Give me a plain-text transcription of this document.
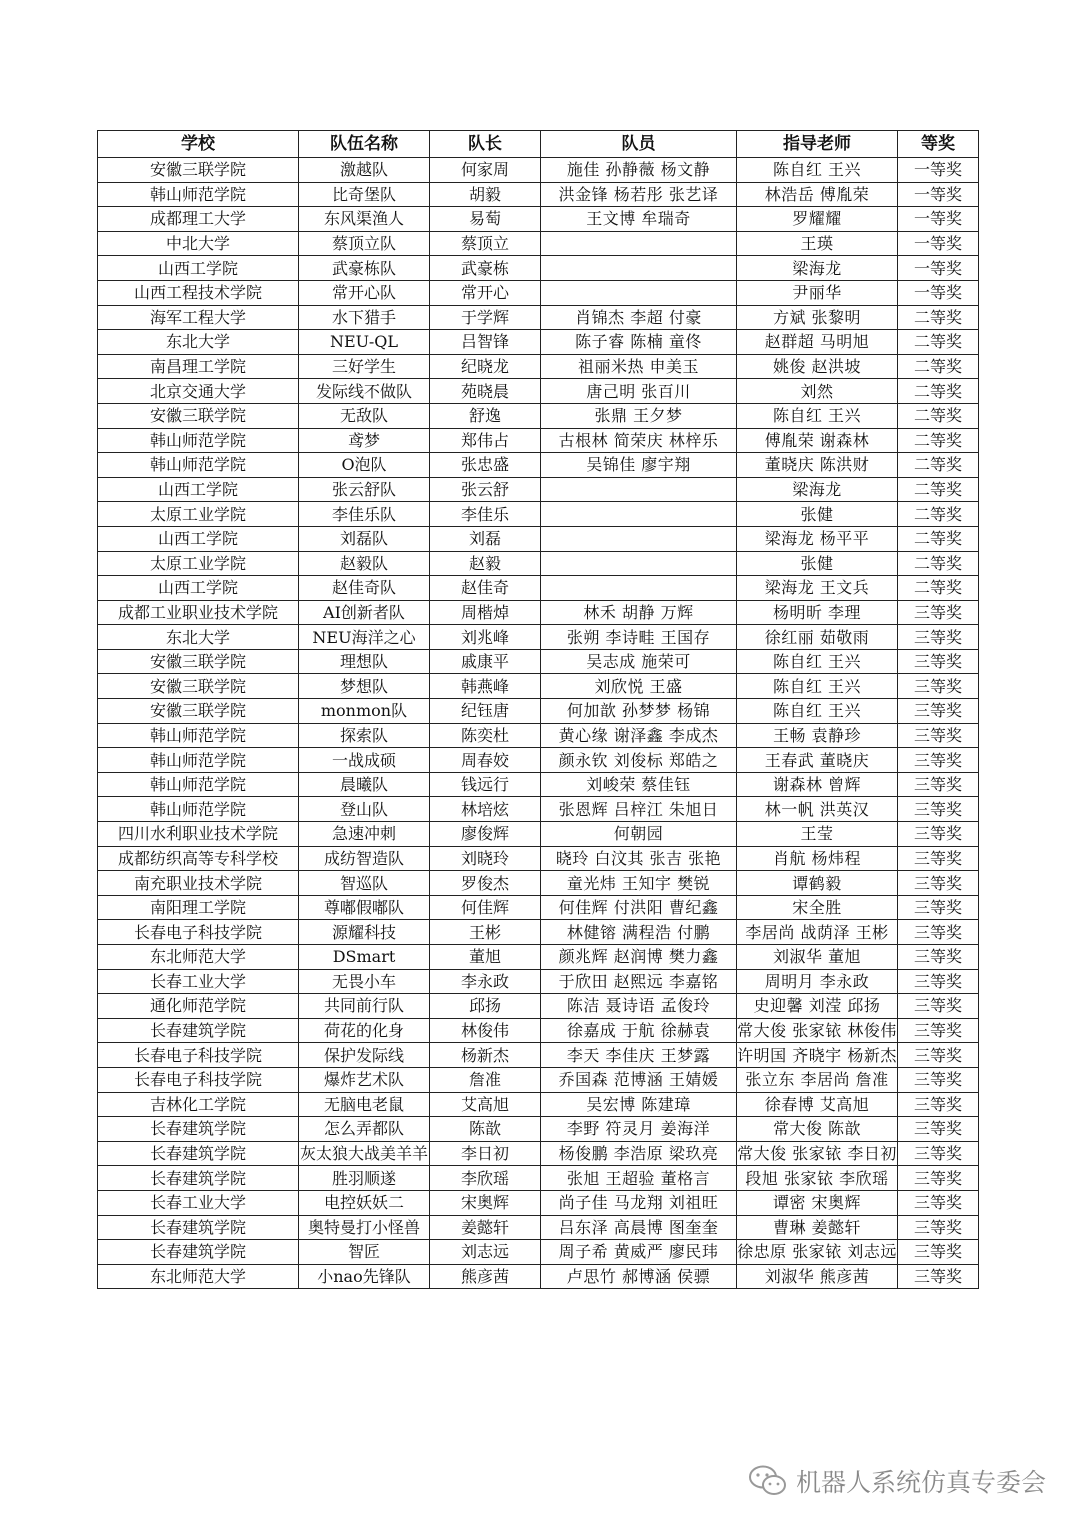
学校	队伍名称	队长	队员	指导老师	等奖
安徽三联学院	激越队	何家周	施佳 孙静薇 杨文静	陈自红 王兴	一等奖
韩山师范学院	比奇堡队	胡毅	洪金锋 杨若彤 张艺译	林浩岳 傅胤荣	一等奖
成都理工大学	东风渠渔人	易萄	王文博 牟瑞奇	罗耀耀	一等奖
中北大学	蔡顶立队	蔡顶立		王瑛	一等奖
山西工学院	武豪栋队	武豪栋		梁海龙	一等奖
山西工程技术学院	常开心队	常开心		尹丽华	一等奖
海军工程大学	水下猎手	于学辉	肖锦杰 李超 付豪	方斌 张黎明	二等奖
东北大学	NEU-QL	吕智锋	陈子睿 陈楠 童佟	赵群超 马明旭	二等奖
南昌理工学院	三好学生	纪晓龙	祖丽米热 申美玉	姚俊 赵洪坡	二等奖
北京交通大学	发际线不做队	苑晓晨	唐己明 张百川	刘然	二等奖
安徽三联学院	无敌队	舒逸	张鼎 王夕梦	陈自红 王兴	二等奖
韩山师范学院	鸢梦	郑伟占	古根林 简荣庆 林梓乐	傅胤荣 谢森林	二等奖
韩山师范学院	O泡队	张忠盛	吴锦佳 廖宇翔	董晓庆 陈洪财	二等奖
山西工学院	张云舒队	张云舒		梁海龙	二等奖
太原工业学院	李佳乐队	李佳乐		张健	二等奖
山西工学院	刘磊队	刘磊		梁海龙 杨平平	二等奖
太原工业学院	赵毅队	赵毅		张健	二等奖
山西工学院	赵佳奇队	赵佳奇		梁海龙 王文兵	二等奖
成都工业职业技术学院	AI创新者队	周楷焯	林禾 胡静 万辉	杨明昕 李理	三等奖
东北大学	NEU海洋之心	刘兆峰	张朔 李诗畦 王国存	徐红丽 茹敬雨	三等奖
安徽三联学院	理想队	戚康平	吴志成 施荣可	陈自红 王兴	三等奖
安徽三联学院	梦想队	韩燕峰	刘欣悦 王盛	陈自红 王兴	三等奖
安徽三联学院	monmon队	纪钰唐	何加歆 孙梦梦 杨锦	陈自红 王兴	三等奖
韩山师范学院	探索队	陈奕杜	黄心缘 谢泽鑫 李成杰	王畅 袁静珍	三等奖
韩山师范学院	一战成硕	周春姣	颜永钦 刘俊标 郑皓之	王春武 董晓庆	三等奖
韩山师范学院	晨曦队	钱远行	刘峻荣 蔡佳钰	谢森林 曾辉	三等奖
韩山师范学院	登山队	林培炫	张恩辉 吕梓江 朱旭日	林一帆 洪英汉	三等奖
四川水利职业技术学院	急速冲刺	廖俊辉	何朝园	王莹	三等奖
成都纺织高等专科学校	成纺智造队	刘晓玲	晓玲 白汶其 张吉 张艳	肖航 杨炜程	三等奖
南充职业技术学院	智巡队	罗俊杰	童光炜 王知宇 樊锐	谭鹤毅	三等奖
南阳理工学院	尊嘟假嘟队	何佳辉	何佳辉 付洪阳 曹纪鑫	宋全胜	三等奖
长春电子科技学院	源耀科技	王彬	林健镕 满程浩 付鹏	李居尚 战荫泽 王彬	三等奖
东北师范大学	DSmart	董旭	颜兆辉 赵润博 樊力鑫	刘淑华 董旭	三等奖
长春工业大学	无畏小车	李永政	于欣田 赵熙远 李嘉铭	周明月 李永政	三等奖
通化师范学院	共同前行队	邱扬	陈洁 聂诗语 孟俊玲	史迎馨 刘滢 邱扬	三等奖
长春建筑学院	荷花的化身	林俊伟	徐嘉成 于航 徐赫袁	常大俊 张家铱 林俊伟	三等奖
长春电子科技学院	保护发际线	杨新杰	李天 李佳庆 王梦露	许明国 齐晓宇 杨新杰	三等奖
长春电子科技学院	爆炸艺术队	詹准	乔国森 范博涵 王婧媛	张立东 李居尚 詹准	三等奖
吉林化工学院	无脑电老鼠	艾高旭	吴宏博 陈建璋	徐春博 艾高旭	三等奖
长春建筑学院	怎么弄都队	陈歆	李野 符灵月 姜海洋	常大俊 陈歆	三等奖
长春建筑学院	灰太狼大战美羊羊	李日初	杨俊鹏 李浩原 梁玖亮	常大俊 张家铱 李日初	三等奖
长春建筑学院	胜羽顺遂	李欣瑶	张旭 王超验 董格言	段旭 张家铱 李欣瑶	三等奖
长春工业大学	电控妖妖二	宋奥辉	尚子佳 马龙翔 刘祖旺	谭密 宋奥辉	三等奖
长春建筑学院	奥特曼打小怪兽	姜懿轩	吕东泽 高晨博 图奎奎	曹琳 姜懿轩	三等奖
长春建筑学院	智匠	刘志远	周子希 黄威严 廖民玮	徐忠原 张家铱 刘志远	三等奖
东北师范大学	小nao先锋队	熊彦茜	卢思竹 郝博涵 侯骠	刘淑华 熊彦茜	三等奖
机器人系统仿真专委会
